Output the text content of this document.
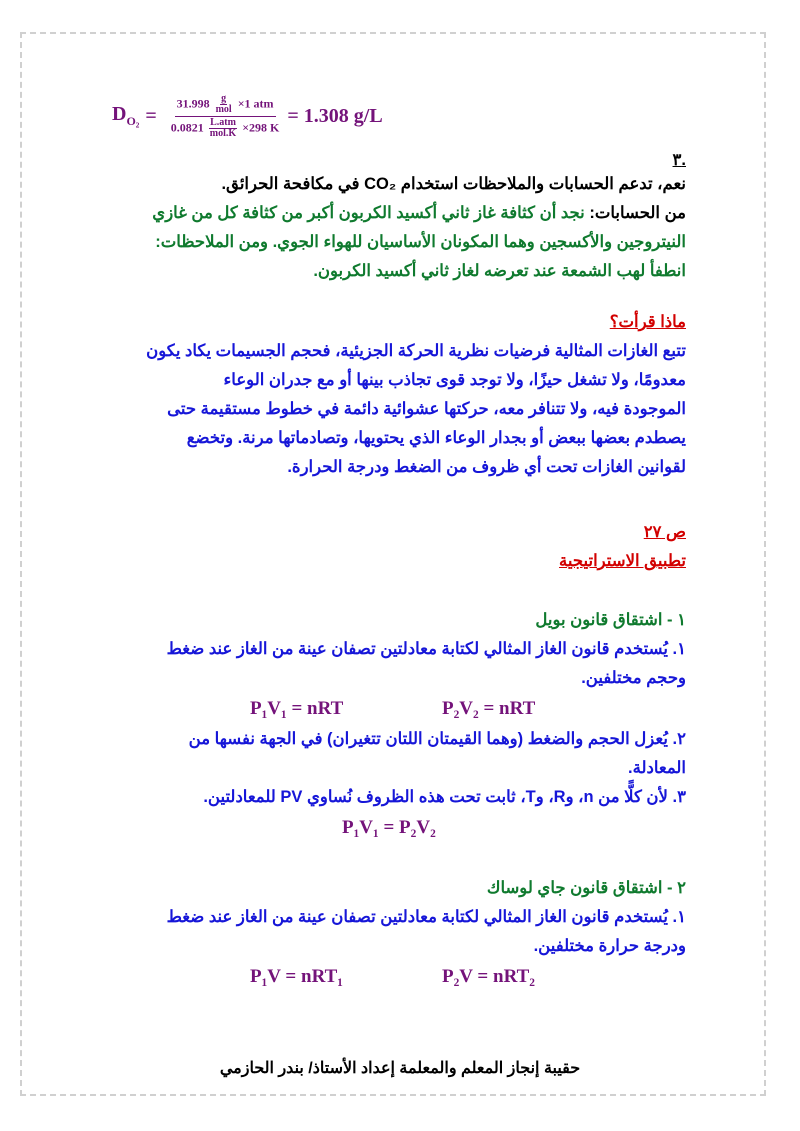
$D_{O_2} = 31.998$ g
mol ×1 atm
0.0821 L.atm
mol.K ×298 K = 1.308 g/L

.٣

نعم، تدعم الحسابات والملاحظات استخدام CO₂ في مكافحة الحرائق.

من الحسابات: نجد أن كثافة غاز ثاني أكسيد الكربون أكبر من كثافة كل من غازي

النيتروجين والأكسجين وهما المكونان الأساسيان للهواء الجوي. ومن الملاحظات:

انطفأ لهب الشمعة عند تعرضه لغاز ثاني أكسيد الكربون.

ماذا قرأت؟

تتبع الغازات المثالية فرضيات نظرية الحركة الجزيئية، فحجم الجسيمات يكاد يكون

معدومًا، ولا تشغل حيزًا، ولا توجد قوى تجاذب بينها أو مع جدران الوعاء

الموجودة فيه، ولا تتنافر معه، حركتها عشوائية دائمة في خطوط مستقيمة حتى

يصطدم بعضها ببعض أو بجدار الوعاء الذي يحتويها، وتصادماتها مرنة. وتخضع

لقوانين الغازات تحت أي ظروف من الضغط ودرجة الحرارة.

ص ٢٧

تطبيق الاستراتيجية

١ - اشتقاق قانون بويل

١. يُستخدم قانون الغاز المثالي لكتابة معادلتين تصفان عينة من الغاز عند ضغط

وحجم مختلفين.

P₁V₁ = nRT	P₂V₂ = nRT

٢. يُعزل الحجم والضغط (وهما القيمتان اللتان تتغيران) في الجهة نفسها من

المعادلة.

٣. لأن كلًّا من n، وR، وT، ثابت تحت هذه الظروف نُساوي PV للمعادلتين.

P₁V₁ = P₂V₂

٢ - اشتقاق قانون جاي لوساك

١. يُستخدم قانون الغاز المثالي لكتابة معادلتين تصفان عينة من الغاز عند ضغط

ودرجة حرارة مختلفين.

P₁V = nRT₁	P₂V = nRT₂
حقيبة إنجاز المعلم والمعلمة إعداد الأستاذ/ بندر الحازمي
